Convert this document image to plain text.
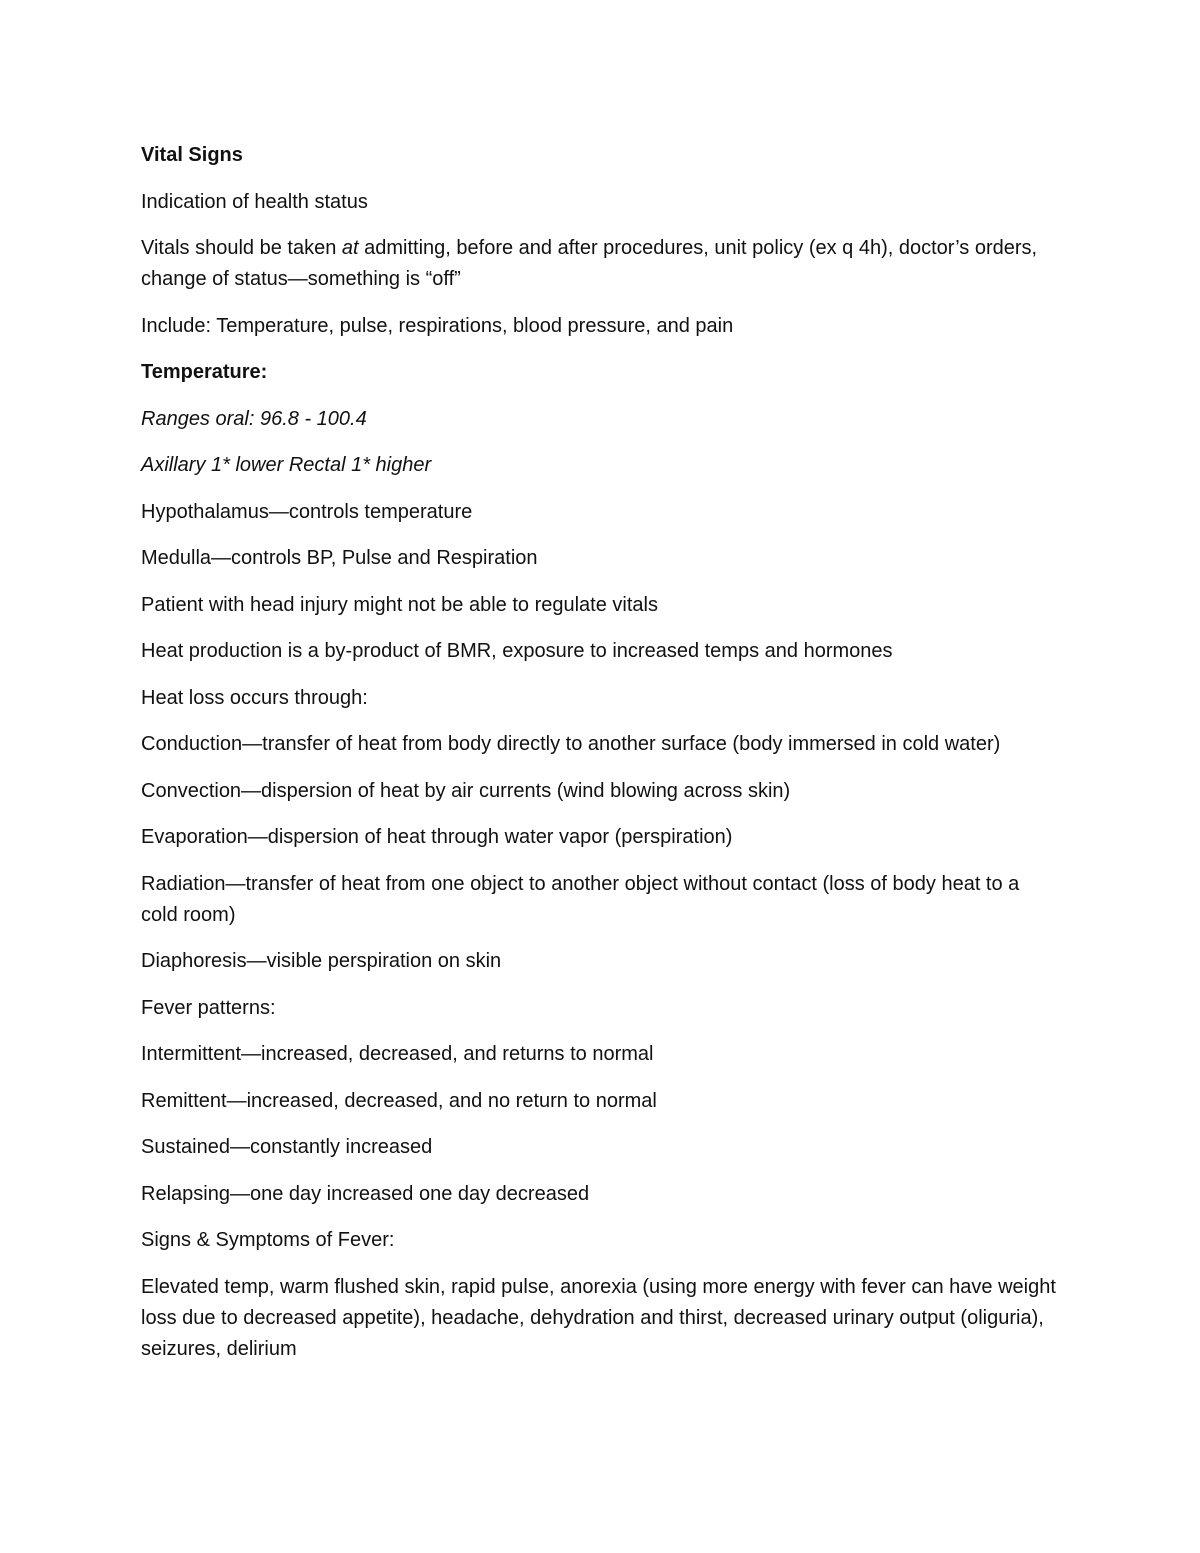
Vital Signs

Indication of health status

Vitals should be taken at admitting, before and after procedures, unit policy (ex q 4h), doctor’s orders, change of status—something is “off”

Include: Temperature, pulse, respirations, blood pressure, and pain

Temperature:

Ranges oral: 96.8 - 100.4

Axillary 1* lower Rectal 1* higher

Hypothalamus—controls temperature

Medulla—controls BP, Pulse and Respiration

Patient with head injury might not be able to regulate vitals

Heat production is a by-product of BMR, exposure to increased temps and hormones

Heat loss occurs through:

Conduction—transfer of heat from body directly to another surface (body immersed in cold water)

Convection—dispersion of heat by air currents (wind blowing across skin)

Evaporation—dispersion of heat through water vapor (perspiration)

Radiation—transfer of heat from one object to another object without contact (loss of body heat to a cold room)

Diaphoresis—visible perspiration on skin

Fever patterns:

Intermittent—increased, decreased, and returns to normal

Remittent—increased, decreased, and no return to normal

Sustained—constantly increased

Relapsing—one day increased one day decreased

Signs & Symptoms of Fever:

Elevated temp, warm flushed skin, rapid pulse, anorexia (using more energy with fever can have weight loss due to decreased appetite), headache, dehydration and thirst, decreased urinary output (oliguria), seizures, delirium
